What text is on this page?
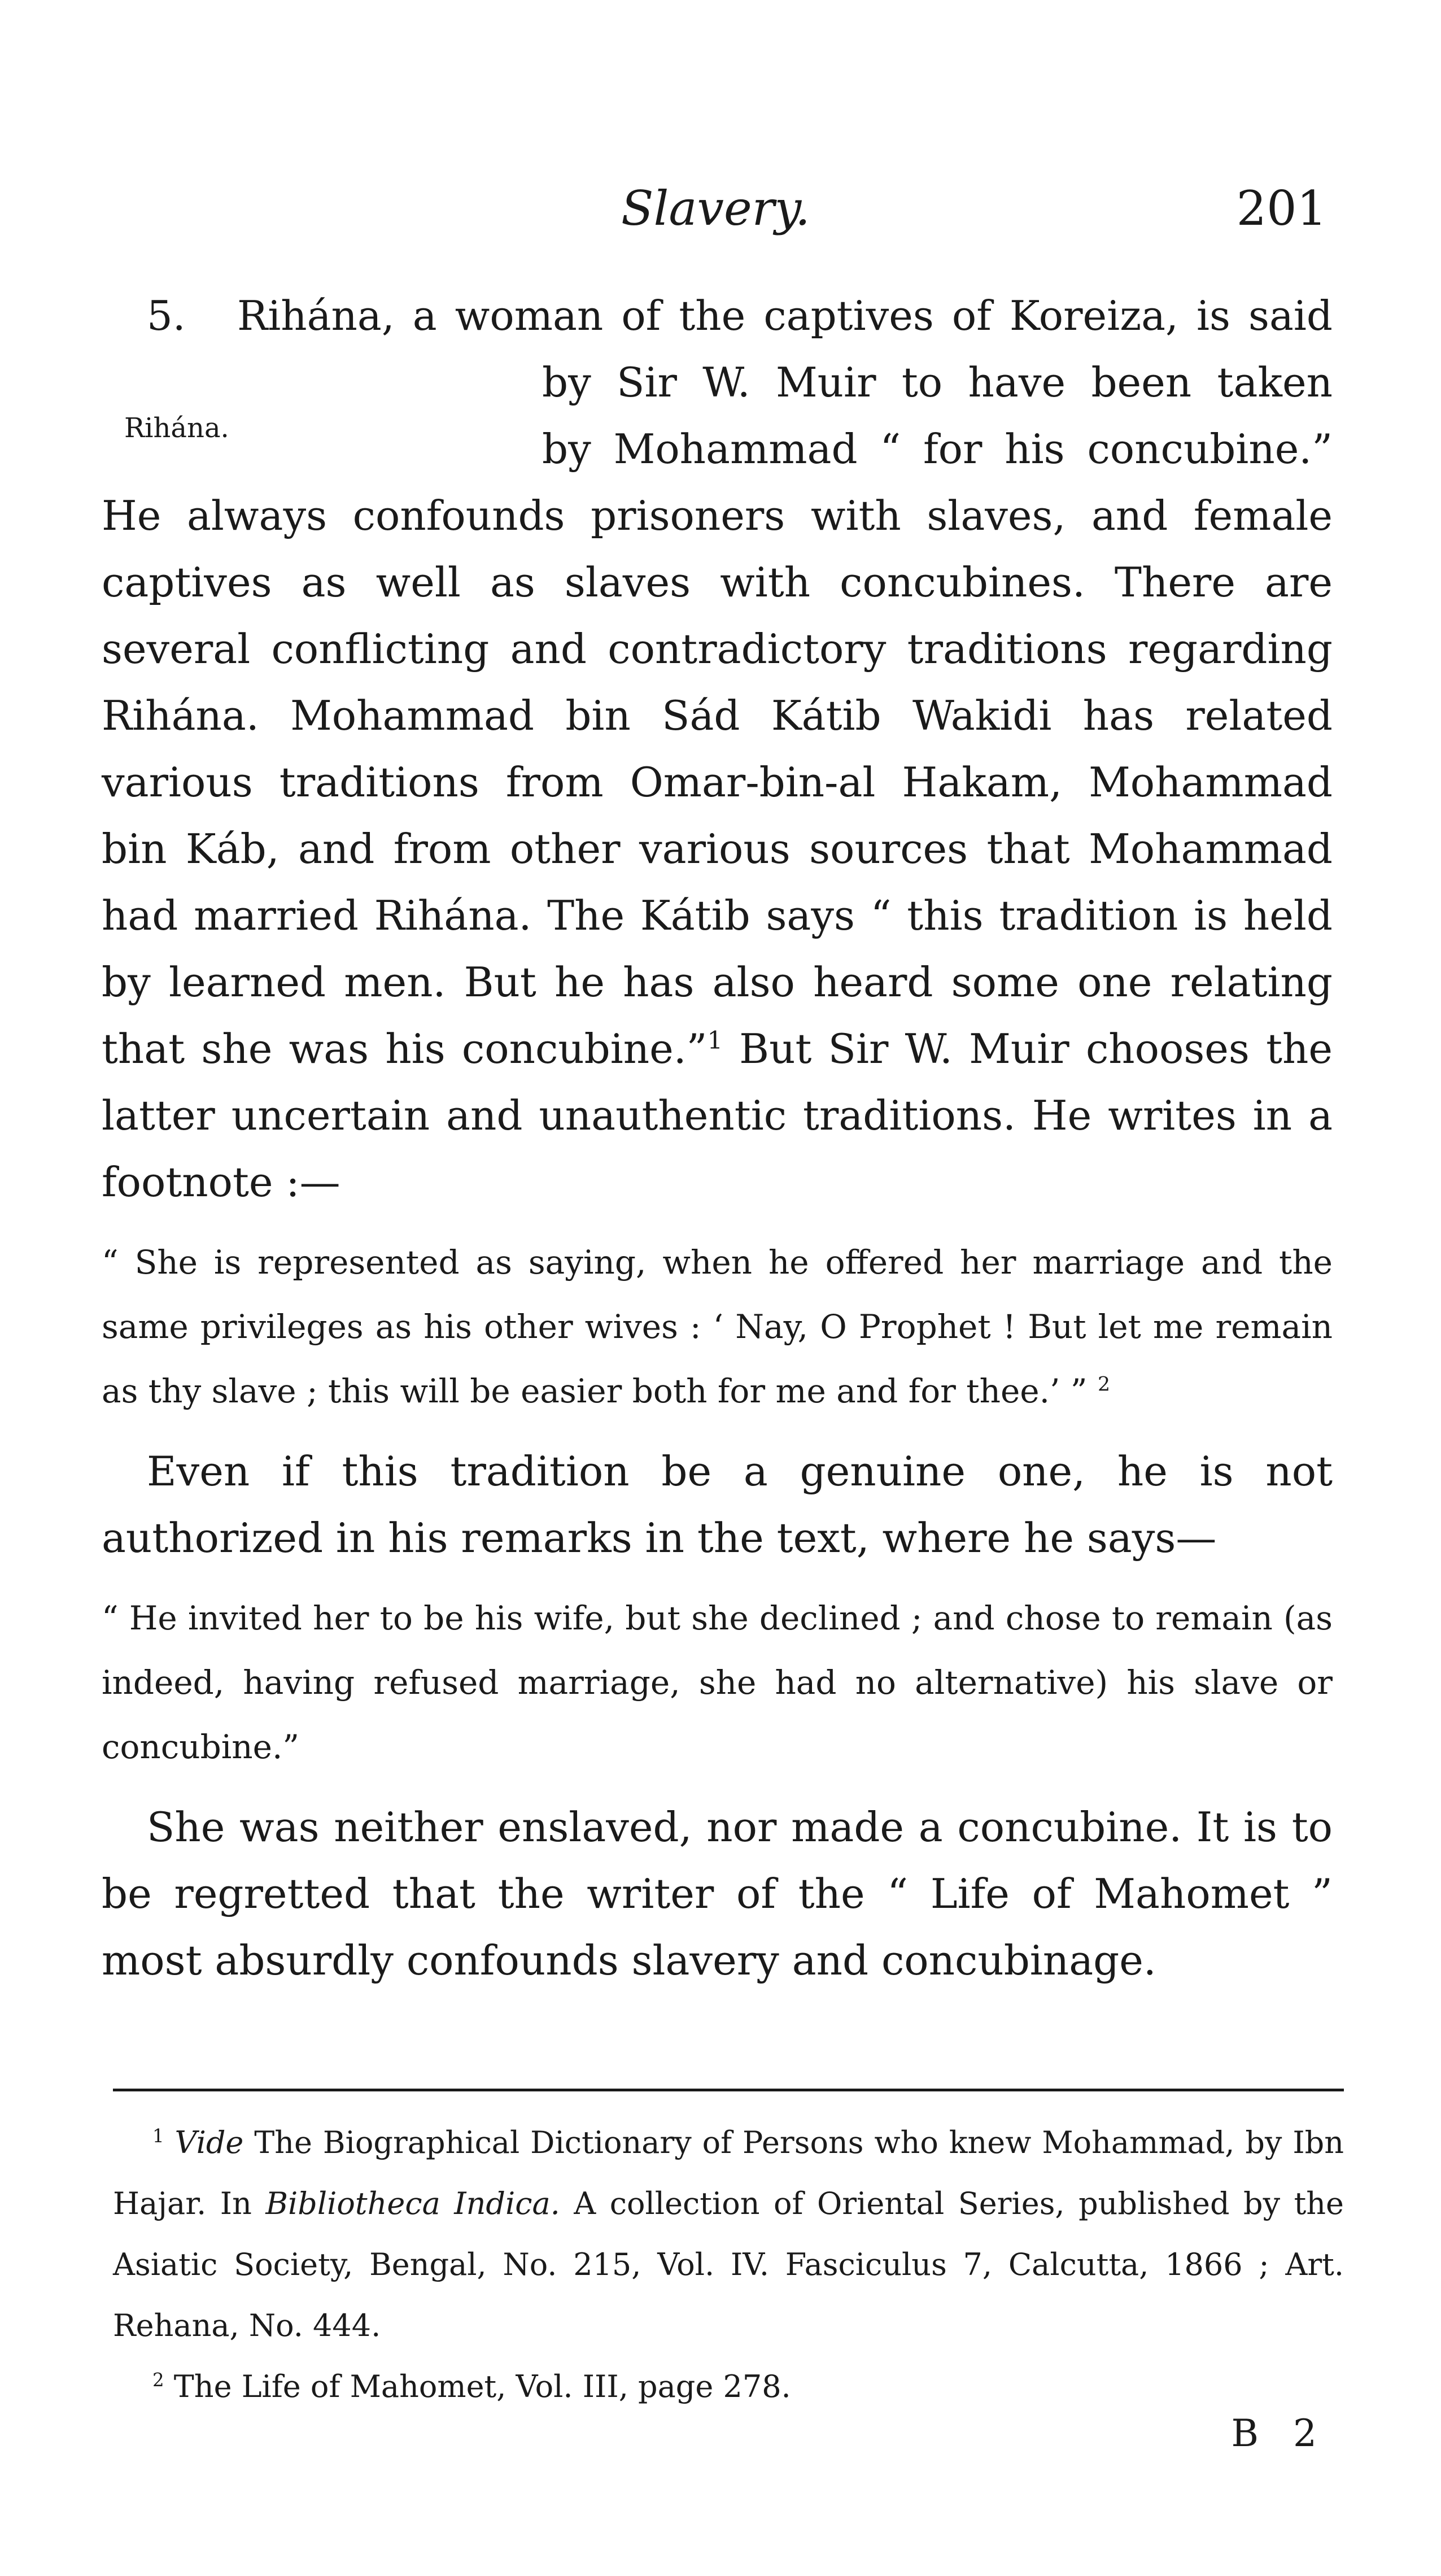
Slavery.	201
Rihána.
5. Rihána, a woman of the captives of Koreiza, is said
by Sir W. Muir to have been taken
by Mohammad “ for his concubine.”

He always confounds prisoners with slaves, and female captives as well as slaves with concubines. There are several conflicting and contradictory traditions regarding Rihána. Mohammad bin Sád Kátib Wakidi has related various traditions from Omar-bin-al Hakam, Mohammad bin Káb, and from other various sources that Mohammad had married Rihána. The Kátib says “ this tradition is held by learned men. But he has also heard some one relating that she was his concubine.”$^1$ But Sir W. Muir chooses the latter uncertain and unauthentic traditions. He writes in a footnote :—

“ She is represented as saying, when he offered her marriage and the same privileges as his other wives : ‘ Nay, O Prophet ! But let me remain as thy slave ; this will be easier both for me and for thee.’ ” $^2$

Even if this tradition be a genuine one, he is not authorized in his remarks in the text, where he says—

“ He invited her to be his wife, but she declined ; and chose to remain (as indeed, having refused marriage, she had no alternative) his slave or concubine.”

She was neither enslaved, nor made a concubine. It is to be regretted that the writer of the “ Life of Mahomet ” most absurdly confounds slavery and concubinage.

$^1$ Vide The Biographical Dictionary of Persons who knew Mohammad, by Ibn Hajar. In Bibliotheca Indica. A collection of Oriental Series, published by the Asiatic Society, Bengal, No. 215, Vol. IV. Fasciculus 7, Calcutta, 1866 ; Art. Rehana, No. 444.

$^2$ The Life of Mahomet, Vol. III, page 278.

B 2
